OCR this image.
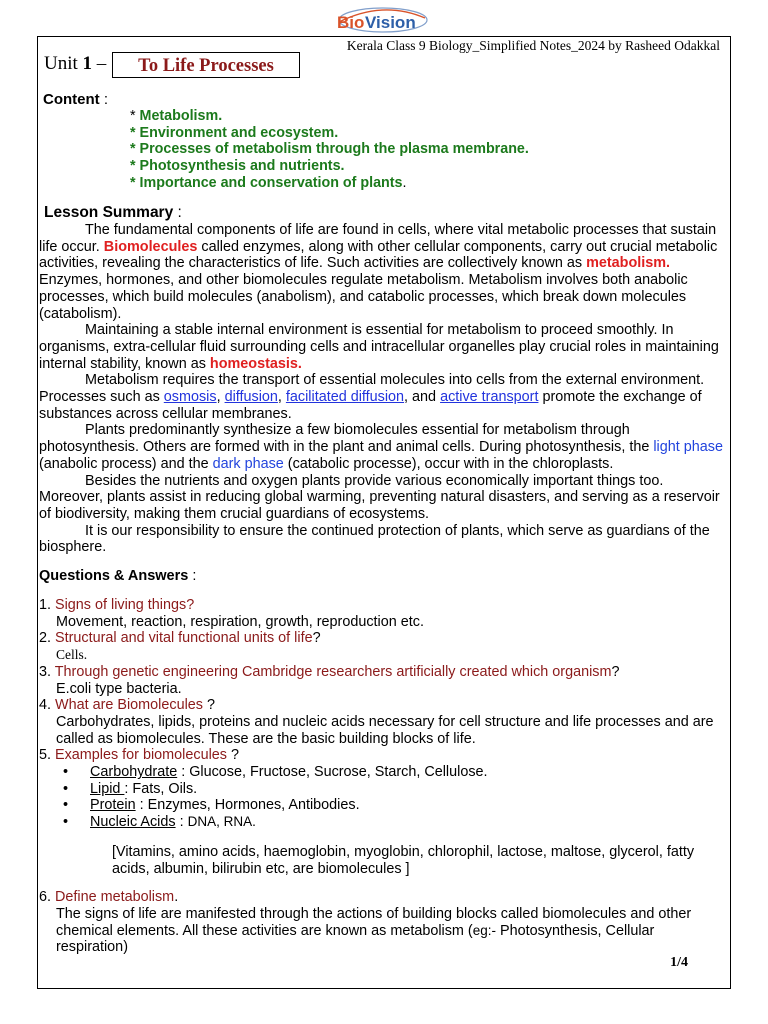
Bio Vision
Kerala Class 9 Biology_Simplified Notes_2024 by Rasheed Odakkal
Unit 1 –	To Life Processes
Content :
* Metabolism.
* Environment and ecosystem.
* Processes of metabolism through the plasma membrane.
* Photosynthesis and nutrients.
* Importance and conservation of plants.
Lesson Summary :

The fundamental components of life are found in cells, where vital metabolic processes that sustain life occur. Biomolecules called enzymes, along with other cellular components, carry out crucial metabolic activities, revealing the characteristics of life. Such activities are collectively known as metabolism. Enzymes, hormones, and other biomolecules regulate metabolism. Metabolism involves both anabolic processes, which build molecules (anabolism), and catabolic processes, which break down molecules (catabolism).

Maintaining a stable internal environment is essential for metabolism to proceed smoothly. In organisms, extra-cellular fluid surrounding cells and intracellular organelles play crucial roles in maintaining internal stability, known as homeostasis.

Metabolism requires the transport of essential molecules into cells from the external environment. Processes such as osmosis, diffusion, facilitated diffusion, and active transport promote the exchange of substances across cellular membranes.

Plants predominantly synthesize a few biomolecules essential for metabolism through photosynthesis. Others are formed with in the plant and animal cells. During photosynthesis, the light phase (anabolic process) and the dark phase (catabolic processe), occur with in the chloroplasts.

Besides the nutrients and oxygen plants provide various economically important things too. Moreover, plants assist in reducing global warming, preventing natural disasters, and serving as a reservoir of biodiversity, making them crucial guardians of ecosystems.

It is our responsibility to ensure the continued protection of plants, which serve as guardians of the biosphere.

Questions & Answers :

1. Signs of living things?

Movement, reaction, respiration, growth, reproduction etc.

2. Structural and vital functional units of life?

Cells.

3. Through genetic engineering Cambridge researchers artificially created which organism?

E.coli type bacteria.

4. What are Biomolecules ?

Carbohydrates, lipids, proteins and nucleic acids necessary for cell structure and life processes and are called as biomolecules. These are the basic building blocks of life.

5. Examples for biomolecules ?

• Carbohydrate : Glucose, Fructose, Sucrose, Starch, Cellulose.
• Lipid : Fats, Oils.
• Protein : Enzymes, Hormones, Antibodies.
• Nucleic Acids : DNA, RNA.

[Vitamins, amino acids, haemoglobin, myoglobin, chlorophil, lactose, maltose, glycerol, fatty acids, albumin, bilirubin etc, are biomolecules ]

6. Define metabolism.

The signs of life are manifested through the actions of building blocks called biomolecules and other chemical elements. All these activities are known as metabolism (eg:- Photosynthesis, Cellular respiration)

1/4
